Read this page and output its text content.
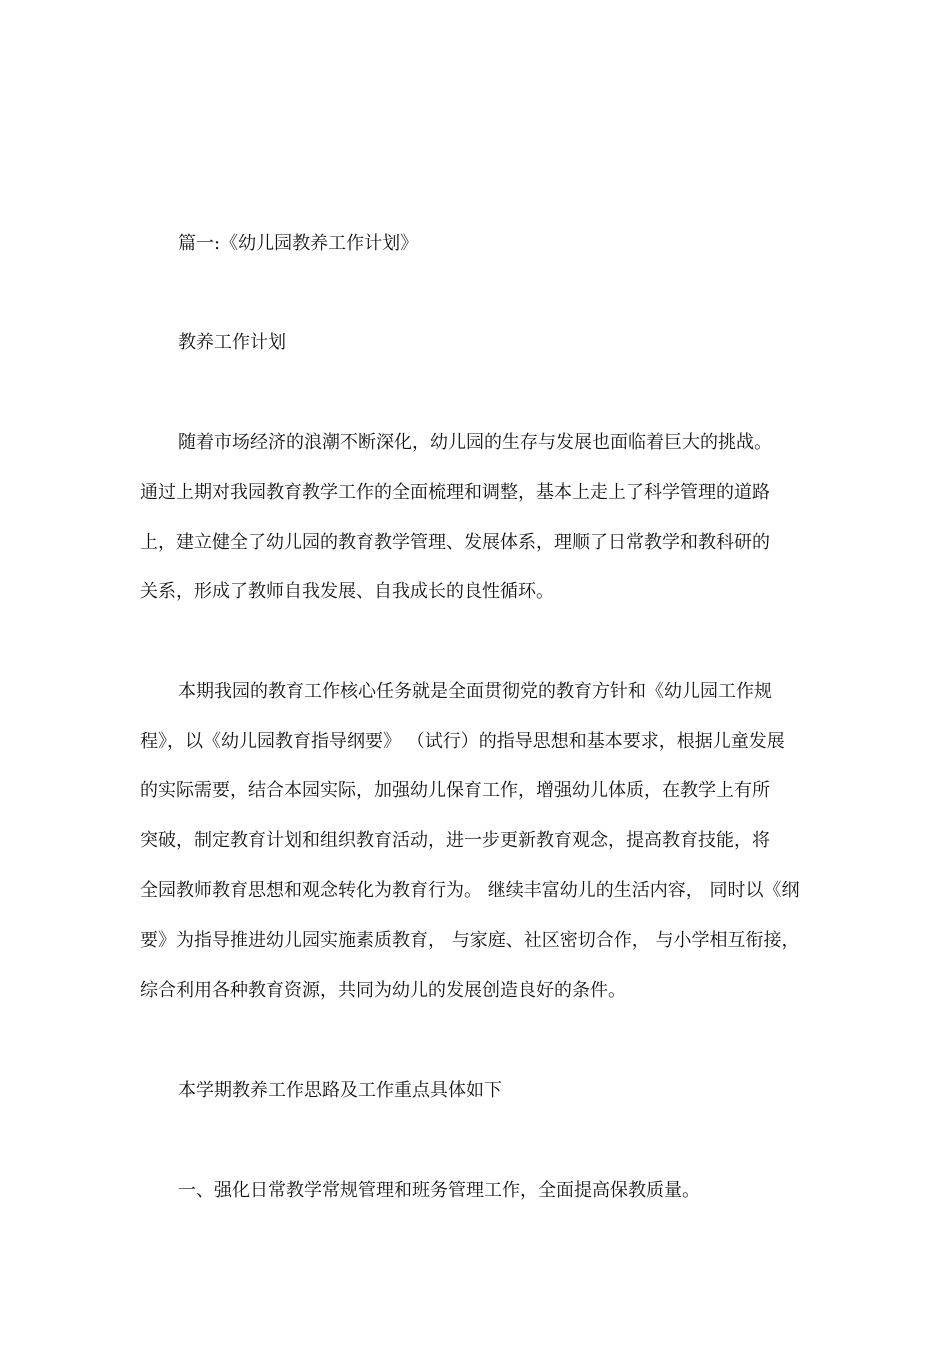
篇一:《幼儿园教养工作计划》
教养工作计划
随着市场经济的浪潮不断深化，幼儿园的生存与发展也面临着巨大的挑战。
通过上期对我园教育教学工作的全面梳理和调整，基本上走上了科学管理的道路
上，建立健全了幼儿园的教育教学管理、发展体系，理顺了日常教学和教科研的
关系，形成了教师自我发展、自我成长的良性循环。
本期我园的教育工作核心任务就是全面贯彻党的教育方针和《幼儿园工作规
程》，以《幼儿园教育指导纲要》 （试行）的指导思想和基本要求，根据儿童发展
的实际需要，结合本园实际，加强幼儿保育工作，增强幼儿体质，在教学上有所
突破，制定教育计划和组织教育活动，进一步更新教育观念，提高教育技能，将
全园教师教育思想和观念转化为教育行为。 继续丰富幼儿的生活内容， 同时以《纲
要》为指导推进幼儿园实施素质教育， 与家庭、社区密切合作， 与小学相互衔接，
综合利用各种教育资源，共同为幼儿的发展创造良好的条件。
本学期教养工作思路及工作重点具体如下
一、强化日常教学常规管理和班务管理工作，全面提高保教质量。
